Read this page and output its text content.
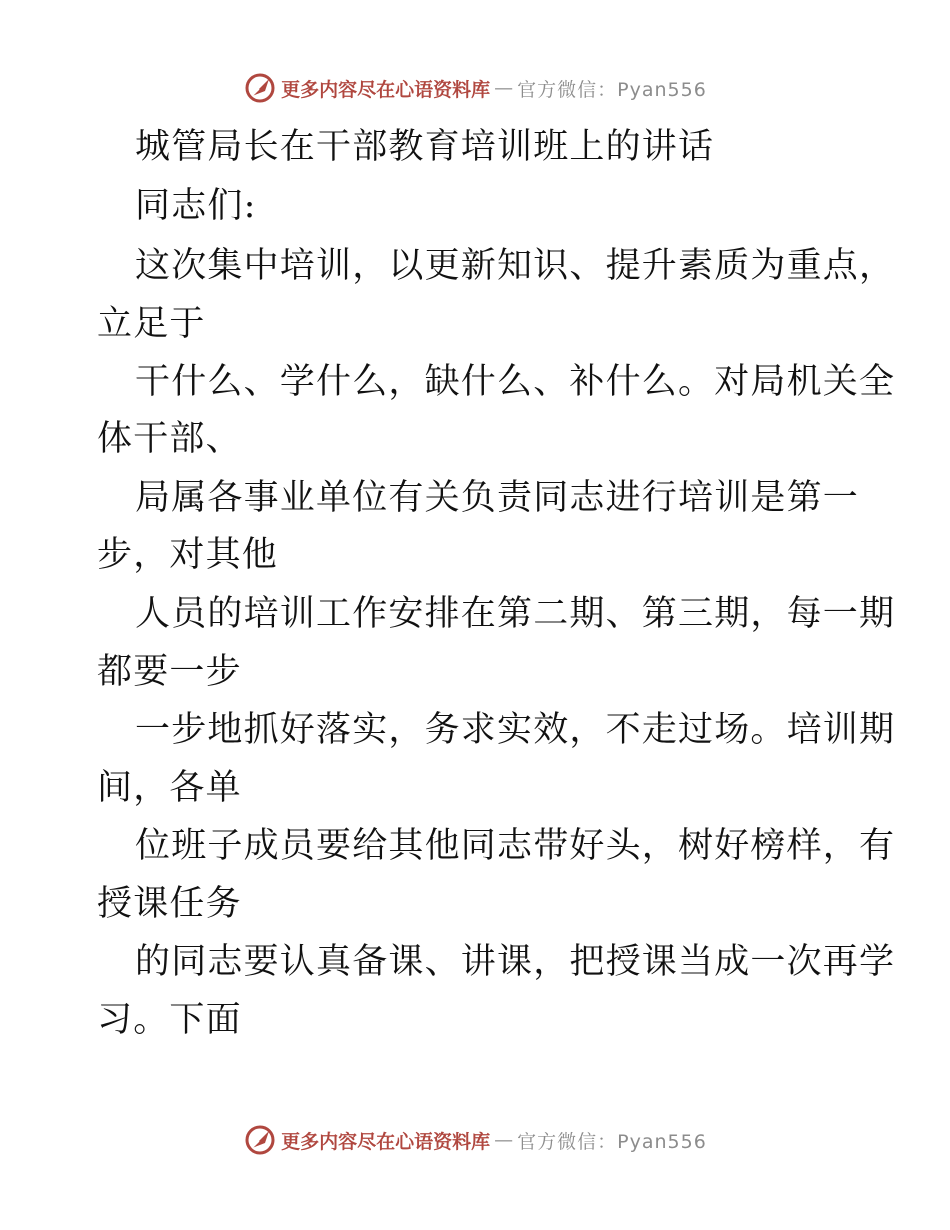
更多内容尽在心语资料库 — 官方微信：Pyan556
城管局长在干部教育培训班上的讲话
同志们:
这次集中培训，以更新知识、提升素质为重点，
立足于
干什么、学什么，缺什么、补什么。对局机关全
体干部、
局属各事业单位有关负责同志进行培训是第一
步，对其他
人员的培训工作安排在第二期、第三期，每一期
都要一步
一步地抓好落实，务求实效，不走过场。培训期
间，各单
位班子成员要给其他同志带好头，树好榜样，有
授课任务
的同志要认真备课、讲课，把授课当成一次再学
习。下面
更多内容尽在心语资料库 — 官方微信：Pyan556
